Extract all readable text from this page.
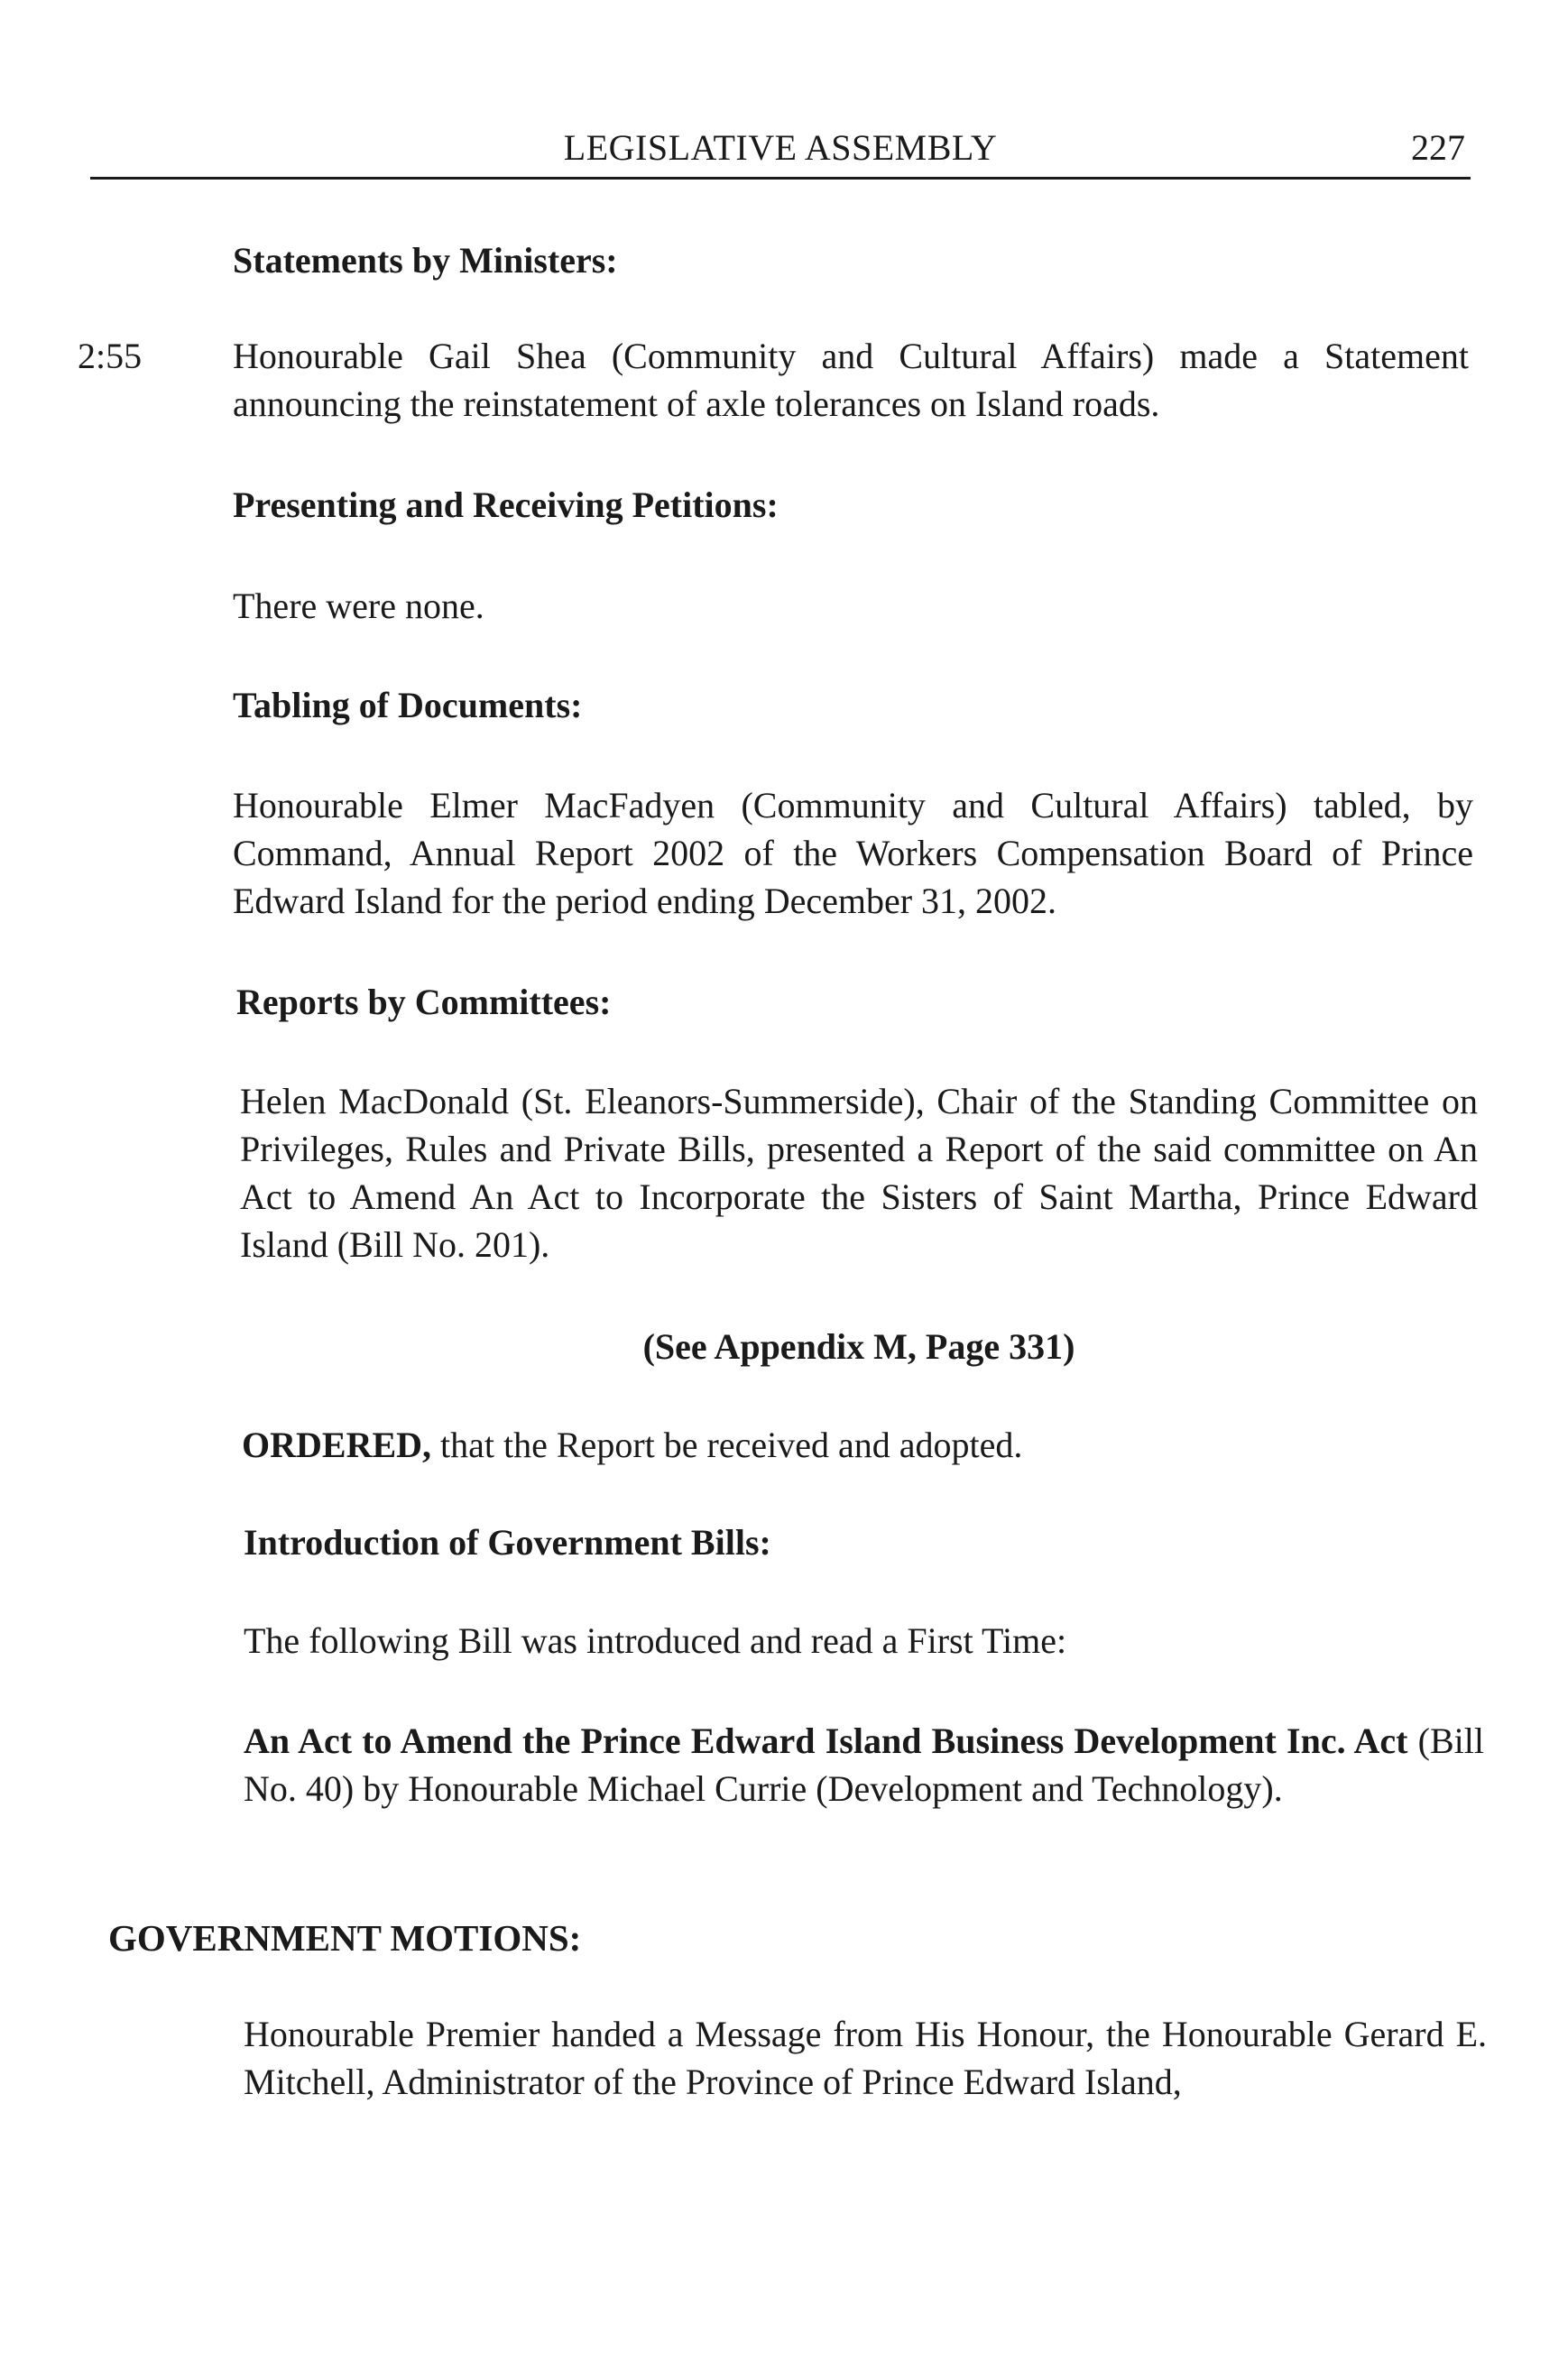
LEGISLATIVE ASSEMBLY	227
Statements by Ministers:
2:55	Honourable Gail Shea (Community and Cultural Affairs) made a Statement announcing the reinstatement of axle tolerances on Island roads.
Presenting and Receiving Petitions:
There were none.
Tabling of Documents:
Honourable Elmer MacFadyen (Community and Cultural Affairs) tabled, by Command, Annual Report 2002 of the Workers Compensation Board of Prince Edward Island for the period ending December 31, 2002.
Reports by Committees:
Helen MacDonald (St. Eleanors-Summerside), Chair of the Standing Committee on Privileges, Rules and Private Bills, presented a Report of the said committee on An Act to Amend An Act to Incorporate the Sisters of Saint Martha, Prince Edward Island (Bill No. 201).
(See Appendix M, Page 331)
ORDERED, that the Report be received and adopted.
Introduction of Government Bills:
The following Bill was introduced and read a First Time:
An Act to Amend the Prince Edward Island Business Development Inc. Act (Bill No. 40) by Honourable Michael Currie (Development and Technology).
GOVERNMENT MOTIONS:
Honourable Premier handed a Message from His Honour, the Honourable Gerard E. Mitchell, Administrator of the Province of Prince Edward Island,
